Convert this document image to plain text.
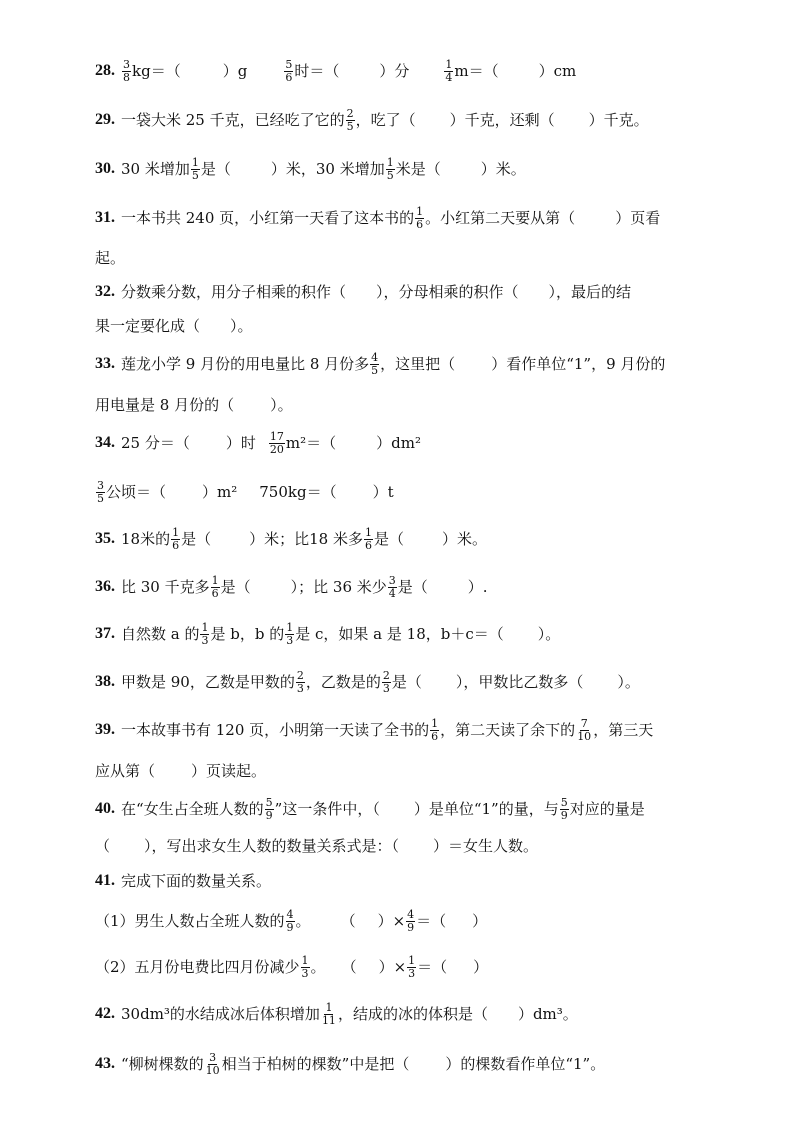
28. $\frac{3}{8} kg=$（	）g	$\frac{5}{6}$ 时＝（	）分	$\frac{1}{4} m=$（	）cm
29. 一袋大米 25 千克，已经吃了它的 $\frac{2}{5}$ ，吃了（ ）千克，还剩（ ）千克。
30. 30 米增加 $\frac{1}{5}$ 是（	）米，30 米增加 $\frac{1}{5}$ 米是（	）米。
31. 一本书共 240 页，小红第一天看了这本书的 $\frac{1}{6}$ 。小红第二天要从第（	）页看
起。
32. 分数乘分数，用分子相乘的积作（ ），分母相乘的积作（ ），最后的结
果一定要化成（ ）。
33. 莲龙小学 9 月份的用电量比 8 月份多 $\frac{4}{5}$ ，这里把（ ）看作单位“1”，9 月份的
用电量是 8 月份的（ ）。
34. 25 分＝（ ）时 $\frac{17}{20} m^2=$（	）dm²
$\frac{3}{5}$ 公顷＝（ ）m² 750kg＝（ ）t
35. 18米的 $\frac{1}{6}$ 是（	）米；比18 米多 $\frac{1}{6}$ 是（	）米。
36. 比 30 千克多 $\frac{1}{6}$ 是（	）；比 36 米少 $\frac{3}{4}$ 是（	）.
37. 自然数 a 的 $\frac{1}{3}$ 是 b，b 的 $\frac{1}{3}$ 是 c，如果 a 是 18，b＋c＝（ ）。
38. 甲数是 90，乙数是甲数的 $\frac{2}{3}$ ，乙数是的 $\frac{2}{3}$ 是（ ），甲数比乙数多（ ）。
39. 一本故事书有 120 页，小明第一天读了全书的 $\frac{1}{6}$ ，第二天读了余下的 $\frac{7}{10}$ ，第三天
应从第（ ）页读起。
40. 在“女生占全班人数的 $\frac{5}{9}$ ”这一条件中，（ ）是单位“1”的量，与 $\frac{5}{9}$ 对应的量是
（ ），写出求女生人数的数量关系式是：（ ）＝女生人数。
41. 完成下面的数量关系。
（1）男生人数占全班人数的 $\frac{4}{9}$ 。 （ ）× $\frac{4}{9}$ ＝（ ）
（2）五月份电费比四月份减少 $\frac{1}{3}$ 。 （ ）× $\frac{1}{3}$ ＝（ ）
42. 30dm³的水结成冰后体积增加 $\frac{1}{11}$ ，结成的冰的体积是（ ）dm³。
43. “柳树棵数的 $\frac{3}{10}$ 相当于柏树的棵数”中是把（ ）的棵数看作单位“1”。
